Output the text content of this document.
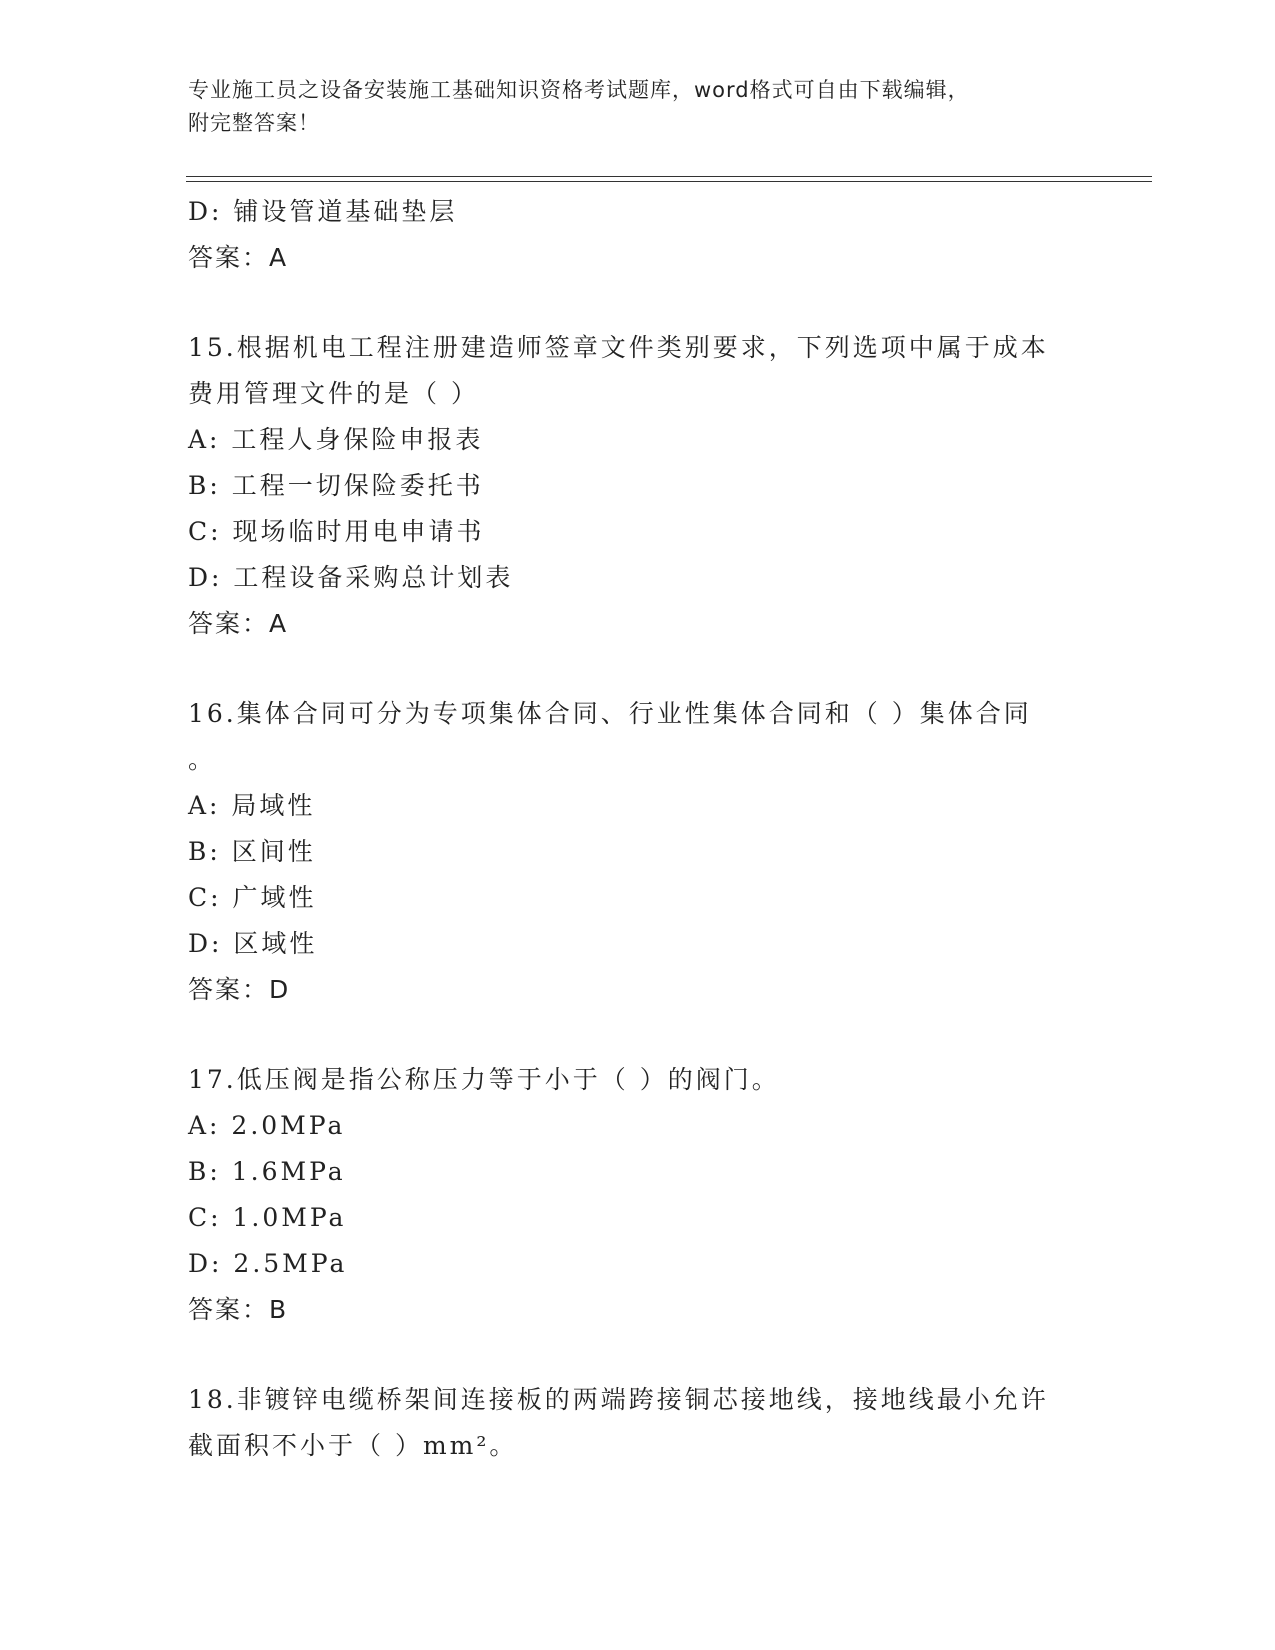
专业施工员之设备安装施工基础知识资格考试题库，word格式可自由下载编辑，
附完整答案！
D: 铺设管道基础垫层
答案：A
15.根据机电工程注册建造师签章文件类别要求，下列选项中属于成本
费用管理文件的是（ ）
A: 工程人身保险申报表
B: 工程一切保险委托书
C: 现场临时用电申请书
D: 工程设备采购总计划表
答案：A
16.集体合同可分为专项集体合同、行业性集体合同和（ ）集体合同
。
A: 局域性
B: 区间性
C: 广域性
D: 区域性
答案：D
17.低压阀是指公称压力等于小于（ ）的阀门。
A: 2.0MPa
B: 1.6MPa
C: 1.0MPa
D: 2.5MPa
答案：B
18.非镀锌电缆桥架间连接板的两端跨接铜芯接地线，接地线最小允许
截面积不小于（ ）mm²。
